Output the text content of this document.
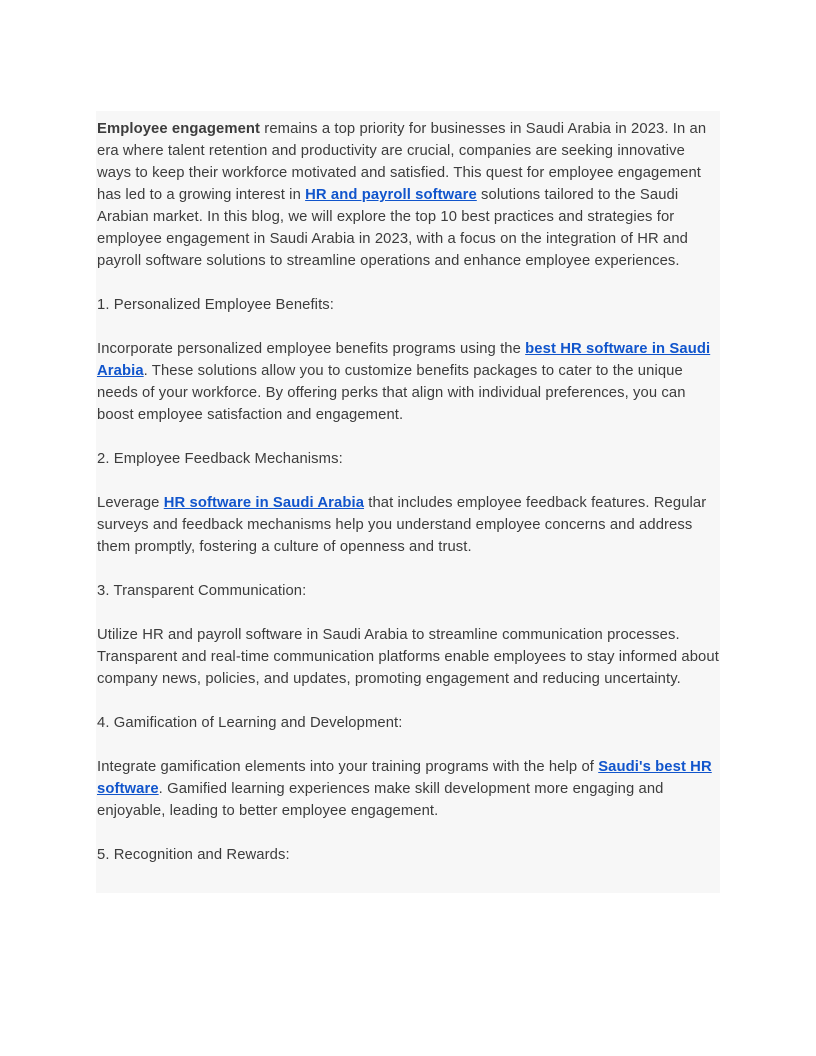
Employee engagement remains a top priority for businesses in Saudi Arabia in 2023. In an era where talent retention and productivity are crucial, companies are seeking innovative ways to keep their workforce motivated and satisfied. This quest for employee engagement has led to a growing interest in HR and payroll software solutions tailored to the Saudi Arabian market. In this blog, we will explore the top 10 best practices and strategies for employee engagement in Saudi Arabia in 2023, with a focus on the integration of HR and payroll software solutions to streamline operations and enhance employee experiences.

1. Personalized Employee Benefits:

Incorporate personalized employee benefits programs using the best HR software in Saudi Arabia. These solutions allow you to customize benefits packages to cater to the unique needs of your workforce. By offering perks that align with individual preferences, you can boost employee satisfaction and engagement.

2. Employee Feedback Mechanisms:

Leverage HR software in Saudi Arabia that includes employee feedback features. Regular surveys and feedback mechanisms help you understand employee concerns and address them promptly, fostering a culture of openness and trust.

3. Transparent Communication:

Utilize HR and payroll software in Saudi Arabia to streamline communication processes. Transparent and real-time communication platforms enable employees to stay informed about company news, policies, and updates, promoting engagement and reducing uncertainty.

4. Gamification of Learning and Development:

Integrate gamification elements into your training programs with the help of Saudi's best HR software. Gamified learning experiences make skill development more engaging and enjoyable, leading to better employee engagement.

5. Recognition and Rewards:
